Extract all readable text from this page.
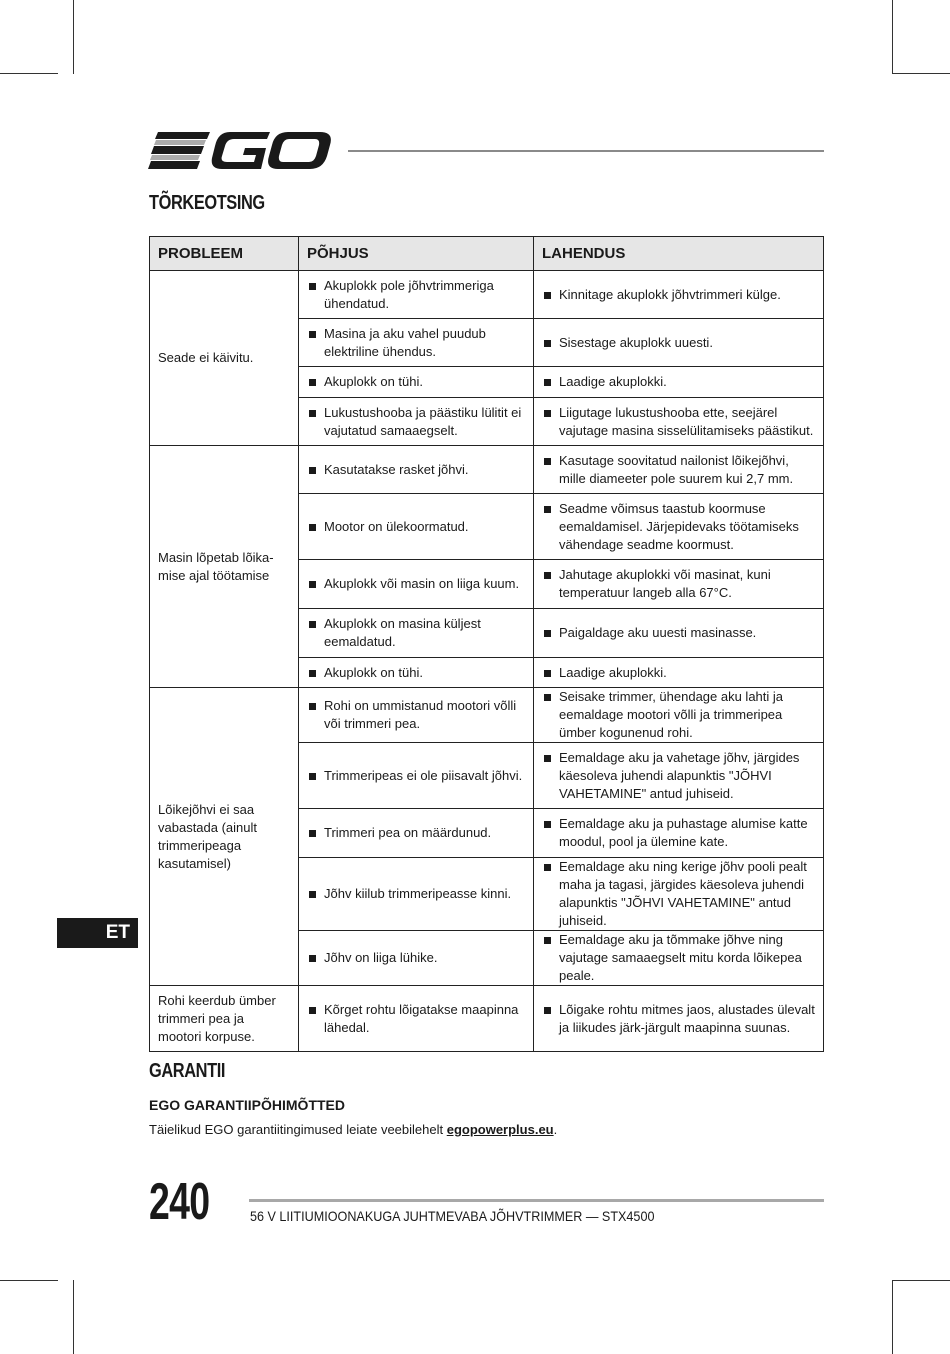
TÕRKEOTSING
PROBLEEM	PÕHJUS	LAHENDUS
Seade ei käivitu.	Akuplokk pole jõhvtrimmeriga ühendatud.	Kinnitage akuplokk jõhvtrimmeri külge.

	Masina ja aku vahel puudub elektriline ühendus.	Sisestage akuplokk uuesti.

	Akuplokk on tühi.	Laadige akuplokki.

	Lukustushooba ja päästiku lülitit ei vajutatud samaaegselt.	Liigutage lukustushooba ette, seejärel vajutage masina sisselülitamiseks päästikut.

Masin lõpetab lõika-mise ajal töötamise	Kasutatakse rasket jõhvi.	Kasutage soovitatud nailonist lõikejõhvi, mille diameeter pole suurem kui 2,7 mm.

	Mootor on ülekoormatud.	Seadme võimsus taastub koormuse eemaldamisel. Järjepidevaks töötamiseks vähendage seadme koormust.

	Akuplokk või masin on liiga kuum.	Jahutage akuplokki või masinat, kuni temperatuur langeb alla 67°C.

	Akuplokk on masina küljest eemaldatud.	Paigaldage aku uuesti masinasse.

	Akuplokk on tühi.	Laadige akuplokki.

Lõikejõhvi ei saa vabastada (ainult trimmeripeaga kasutamisel)	Rohi on ummistanud mootori võlli või trimmeri pea.	Seisake trimmer, ühendage aku lahti ja eemaldage mootori võlli ja trimmeripea ümber kogunenud rohi.

	Trimmeripeas ei ole piisavalt jõhvi.	Eemaldage aku ja vahetage jõhv, järgides käesoleva juhendi alapunktis "JÕHVI VAHETAMINE" antud juhiseid.

	Trimmeri pea on määrdunud.	Eemaldage aku ja puhastage alumise katte moodul, pool ja ülemine kate.

	Jõhv kiilub trimmeripeasse kinni.	Eemaldage aku ning kerige jõhv pooli pealt maha ja tagasi, järgides käesoleva juhendi alapunktis "JÕHVI VAHETAMINE" antud juhiseid.

	Jõhv on liiga lühike.	Eemaldage aku ja tõmmake jõhve ning vajutage samaaegselt mitu korda lõikepea peale.

Rohi keerdub ümber trimmeri pea ja mootori korpuse.	Kõrget rohtu lõigatakse maapinna lähedal.	Lõigake rohtu mitmes jaos, alustades ülevalt ja liikudes järk-järgult maapinna suunas.
ET
GARANTII
EGO GARANTIIPÕHIMÕTTED
Täielikud EGO garantiitingimused leiate veebilehelt egopowerplus.eu.
240	56 V LIITIUMIOONAKUGA JUHTMEVABA JÕHVTRIMMER — STX4500
